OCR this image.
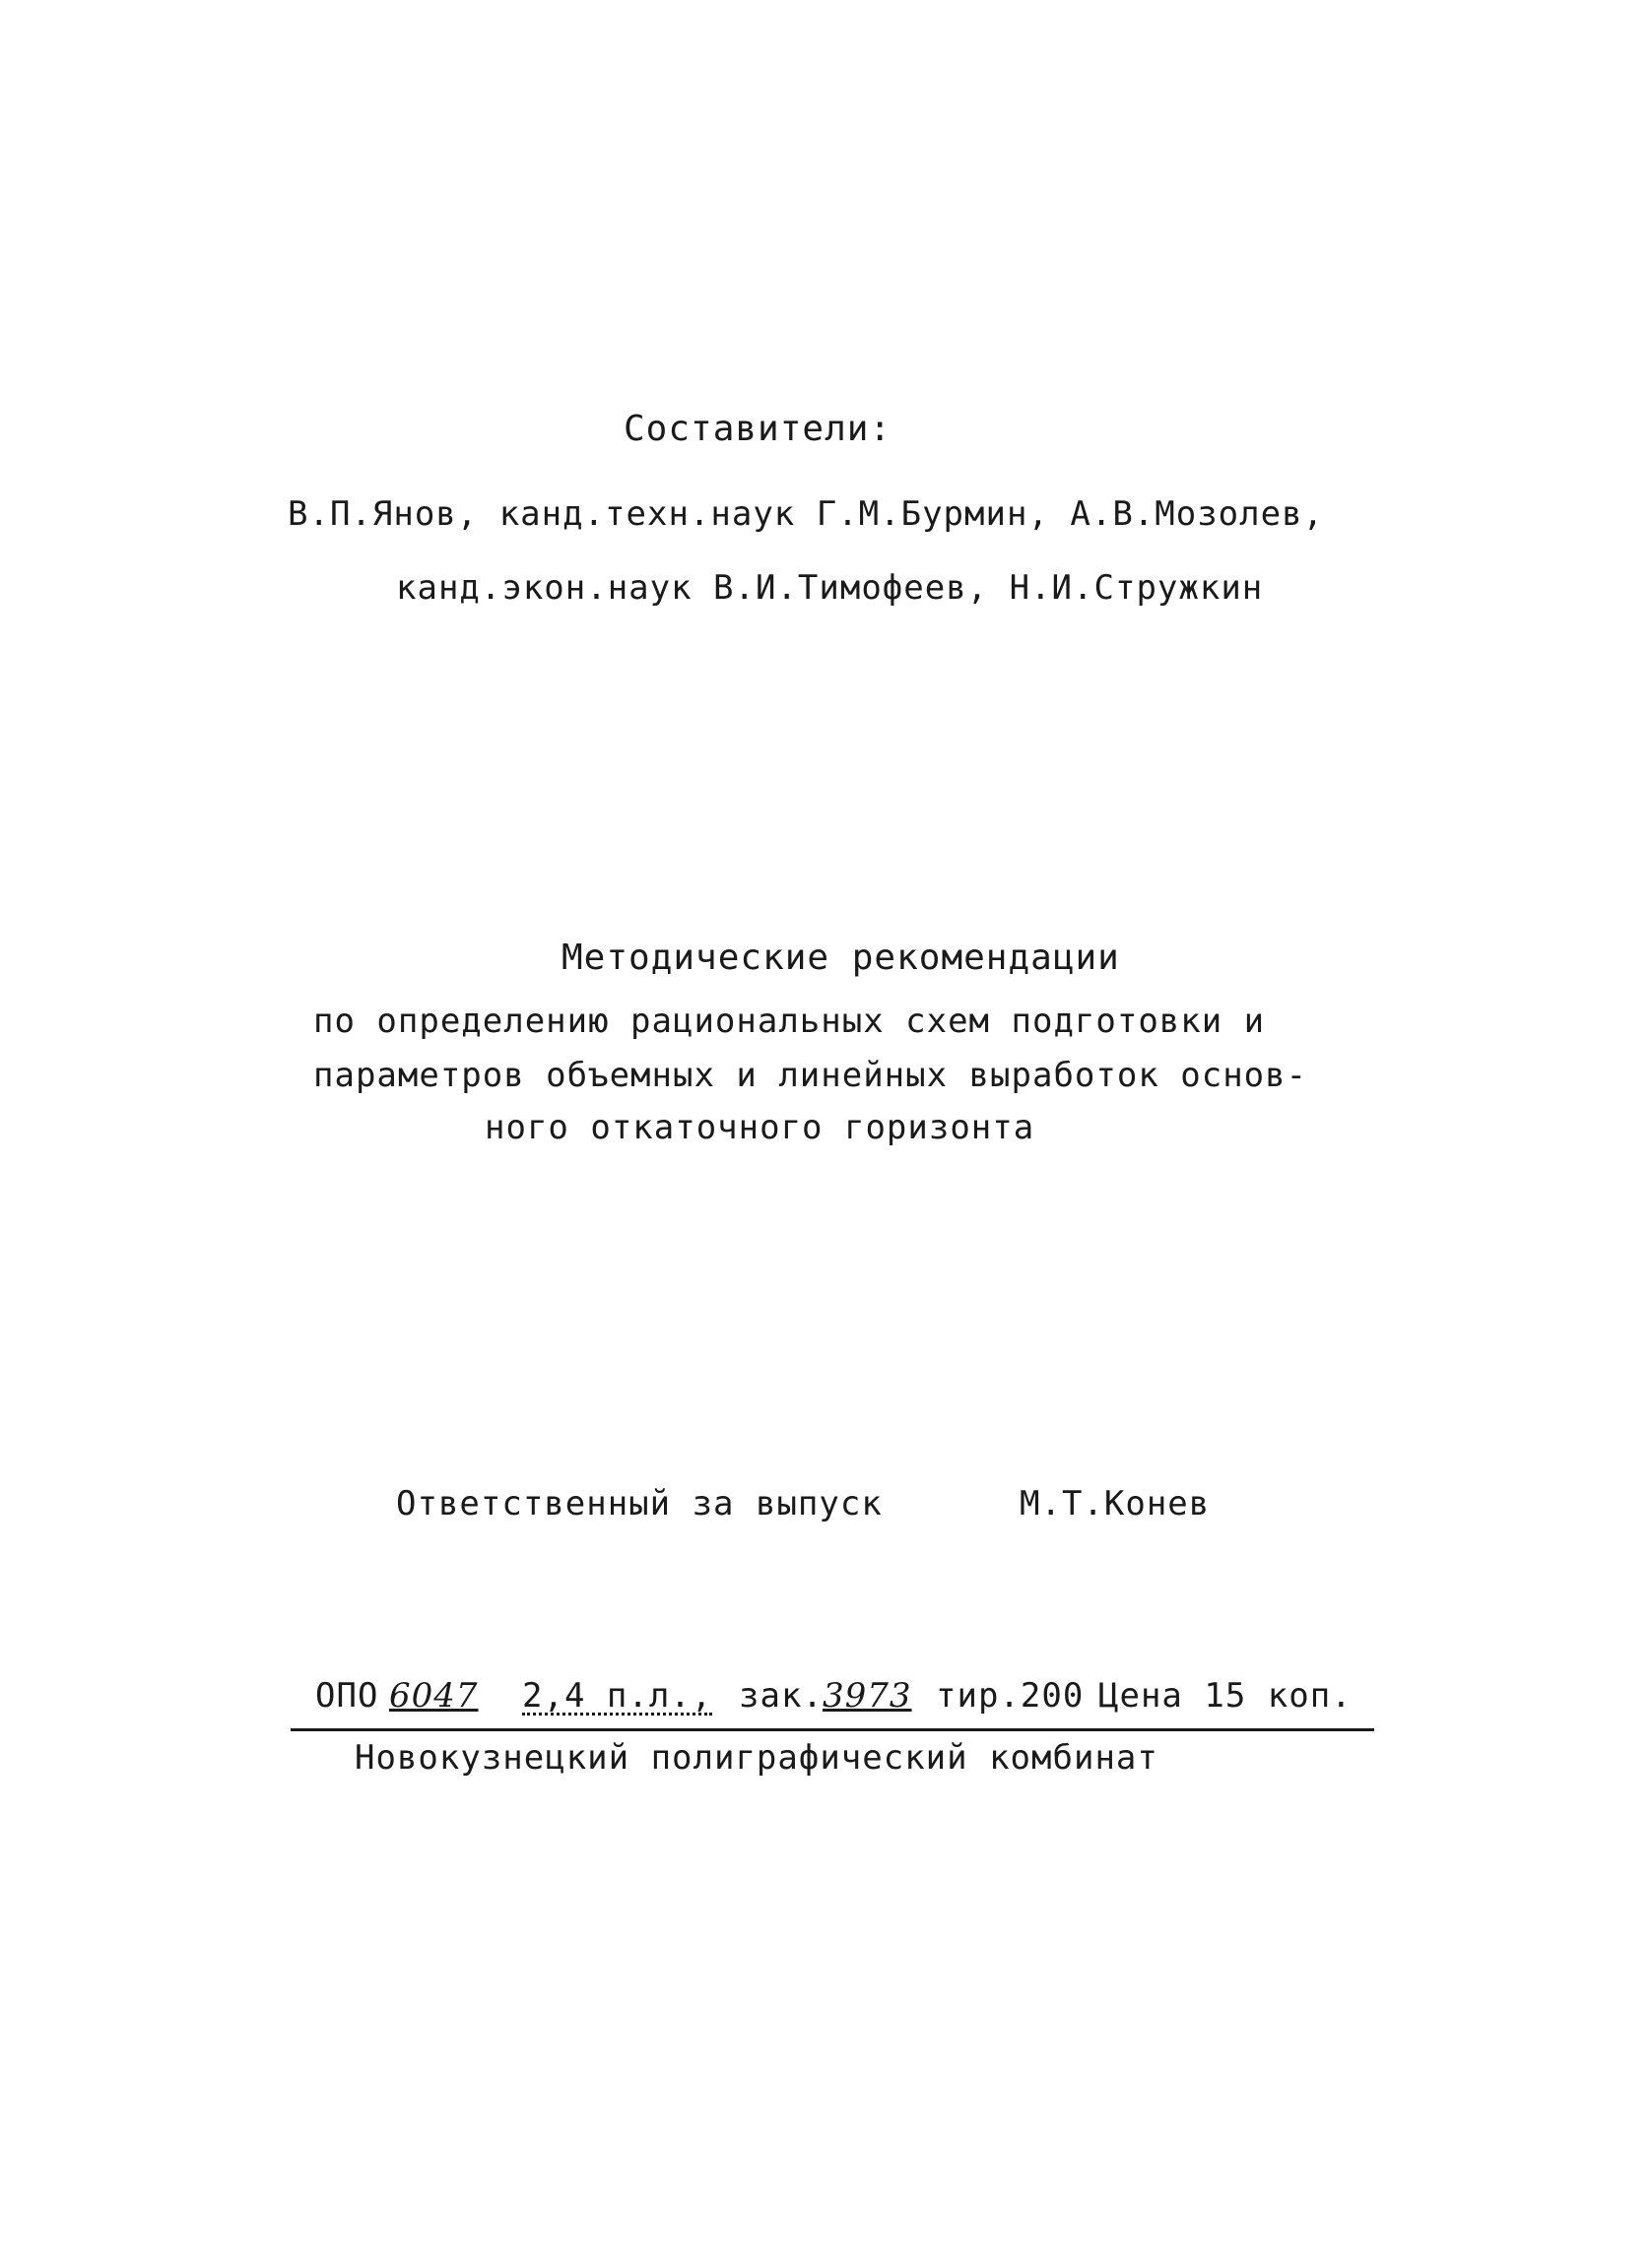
Составители:
В.П.Янов, канд.техн.наук Г.М.Бурмин, А.В.Мозолев,
канд.экон.наук В.И.Тимофеев, Н.И.Стружкин
Методические рекомендации
по определению рациональных схем подготовки и
параметров объемных и линейных выработок основ-
ного откаточного горизонта
Ответственный за выпуск	М.Т.Конев
ОПО 6047 2,4 п.л., зак. 3973 тир.200 Цена 15 коп.
Новокузнецкий полиграфический комбинат
